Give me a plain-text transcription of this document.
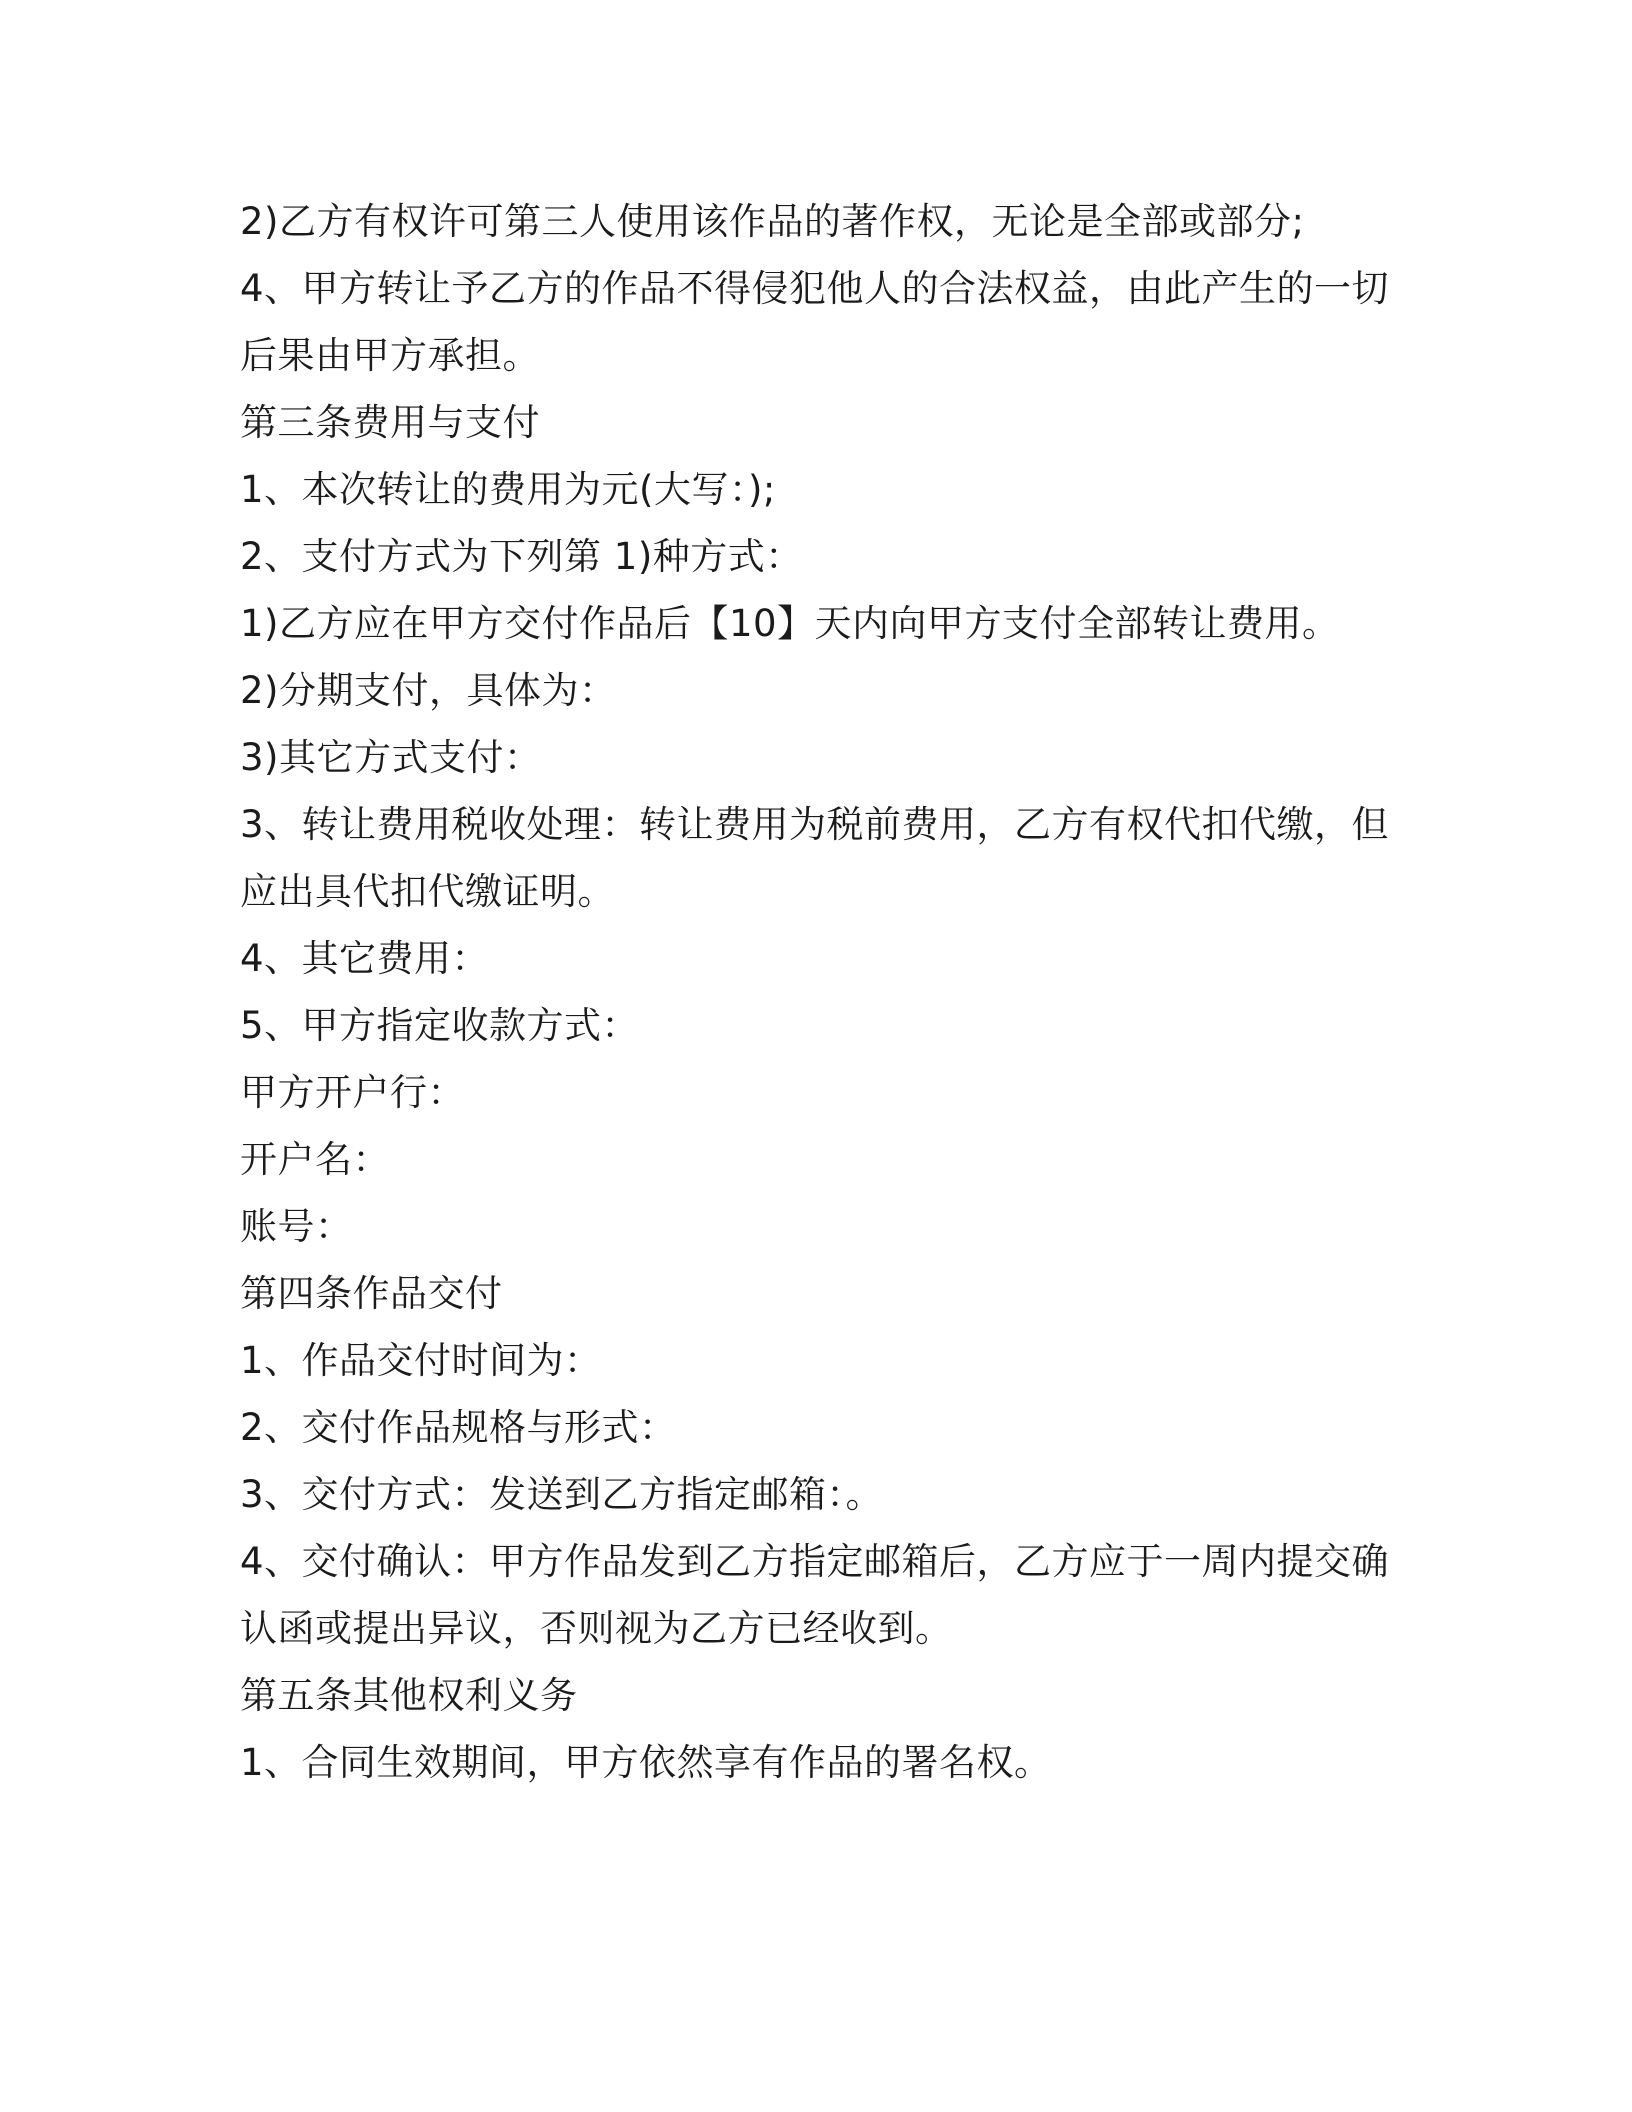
2)乙方有权许可第三人使用该作品的著作权，无论是全部或部分;

4、甲方转让予乙方的作品不得侵犯他人的合法权益，由此产生的一切

后果由甲方承担。

第三条费用与支付

1、本次转让的费用为元(大写：);

2、支付方式为下列第 1)种方式：

1)乙方应在甲方交付作品后【10】天内向甲方支付全部转让费用。

2)分期支付，具体为：

3)其它方式支付：

3、转让费用税收处理：转让费用为税前费用，乙方有权代扣代缴，但

应出具代扣代缴证明。

4、其它费用：

5、甲方指定收款方式：

甲方开户行：

开户名：

账号：

第四条作品交付

1、作品交付时间为：

2、交付作品规格与形式：

3、交付方式：发送到乙方指定邮箱：。

4、交付确认：甲方作品发到乙方指定邮箱后，乙方应于一周内提交确

认函或提出异议，否则视为乙方已经收到。

第五条其他权利义务

1、合同生效期间，甲方依然享有作品的署名权。
